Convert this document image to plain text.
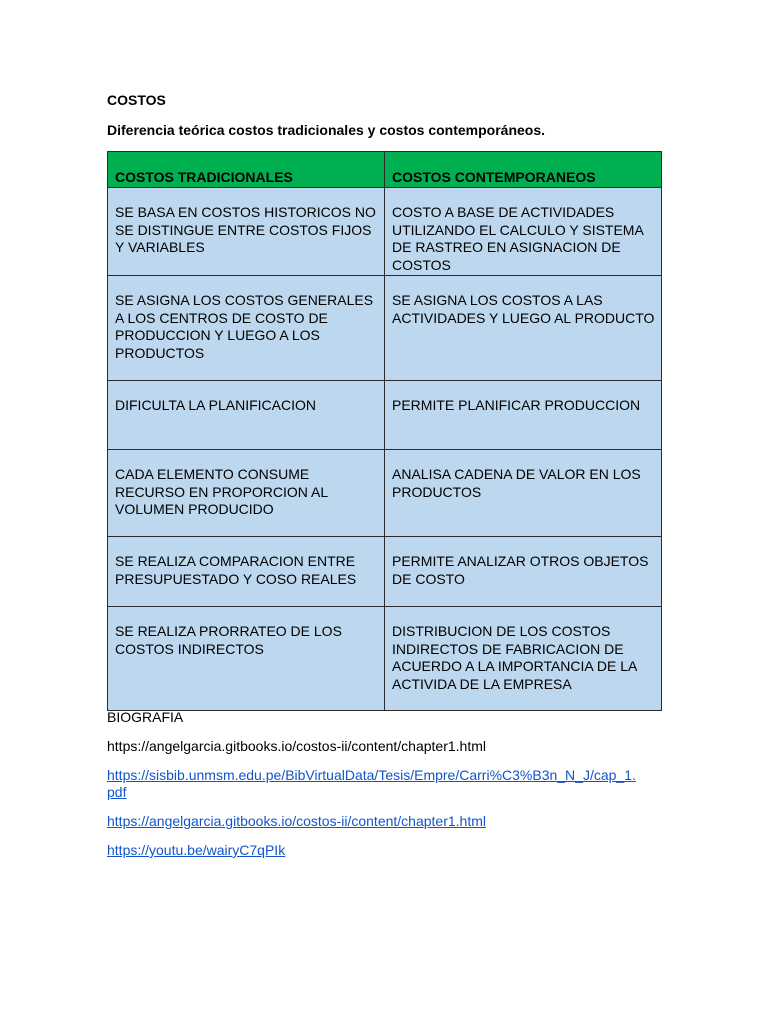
COSTOS

Diferencia teórica costos tradicionales y costos contemporáneos.

COSTOS TRADICIONALES	COSTOS CONTEMPORANEOS
SE BASA EN COSTOS HISTORICOS NO SE DISTINGUE ENTRE COSTOS FIJOS Y VARIABLES	COSTO A BASE DE ACTIVIDADES UTILIZANDO EL CALCULO Y SISTEMA DE RASTREO EN ASIGNACION DE COSTOS
SE ASIGNA LOS COSTOS GENERALES A LOS CENTROS DE COSTO DE PRODUCCION Y LUEGO A LOS PRODUCTOS	SE ASIGNA LOS COSTOS A LAS ACTIVIDADES Y LUEGO AL PRODUCTO
DIFICULTA LA PLANIFICACION	PERMITE PLANIFICAR PRODUCCION
CADA ELEMENTO CONSUME RECURSO EN PROPORCION AL VOLUMEN PRODUCIDO	ANALISA CADENA DE VALOR EN LOS PRODUCTOS
SE REALIZA COMPARACION ENTRE PRESUPUESTADO Y COSO REALES	PERMITE ANALIZAR OTROS OBJETOS DE COSTO
SE REALIZA PRORRATEO DE LOS COSTOS INDIRECTOS	DISTRIBUCION DE LOS COSTOS INDIRECTOS DE FABRICACION DE ACUERDO A LA IMPORTANCIA DE LA ACTIVIDA DE LA EMPRESA
BIOGRAFIA
https://angelgarcia.gitbooks.io/costos-ii/content/chapter1.html
https://sisbib.unmsm.edu.pe/BibVirtualData/Tesis/Empre/Carri%C3%B3n_N_J/cap_1.pdf
https://angelgarcia.gitbooks.io/costos-ii/content/chapter1.html
https://youtu.be/wairyC7qPIk
